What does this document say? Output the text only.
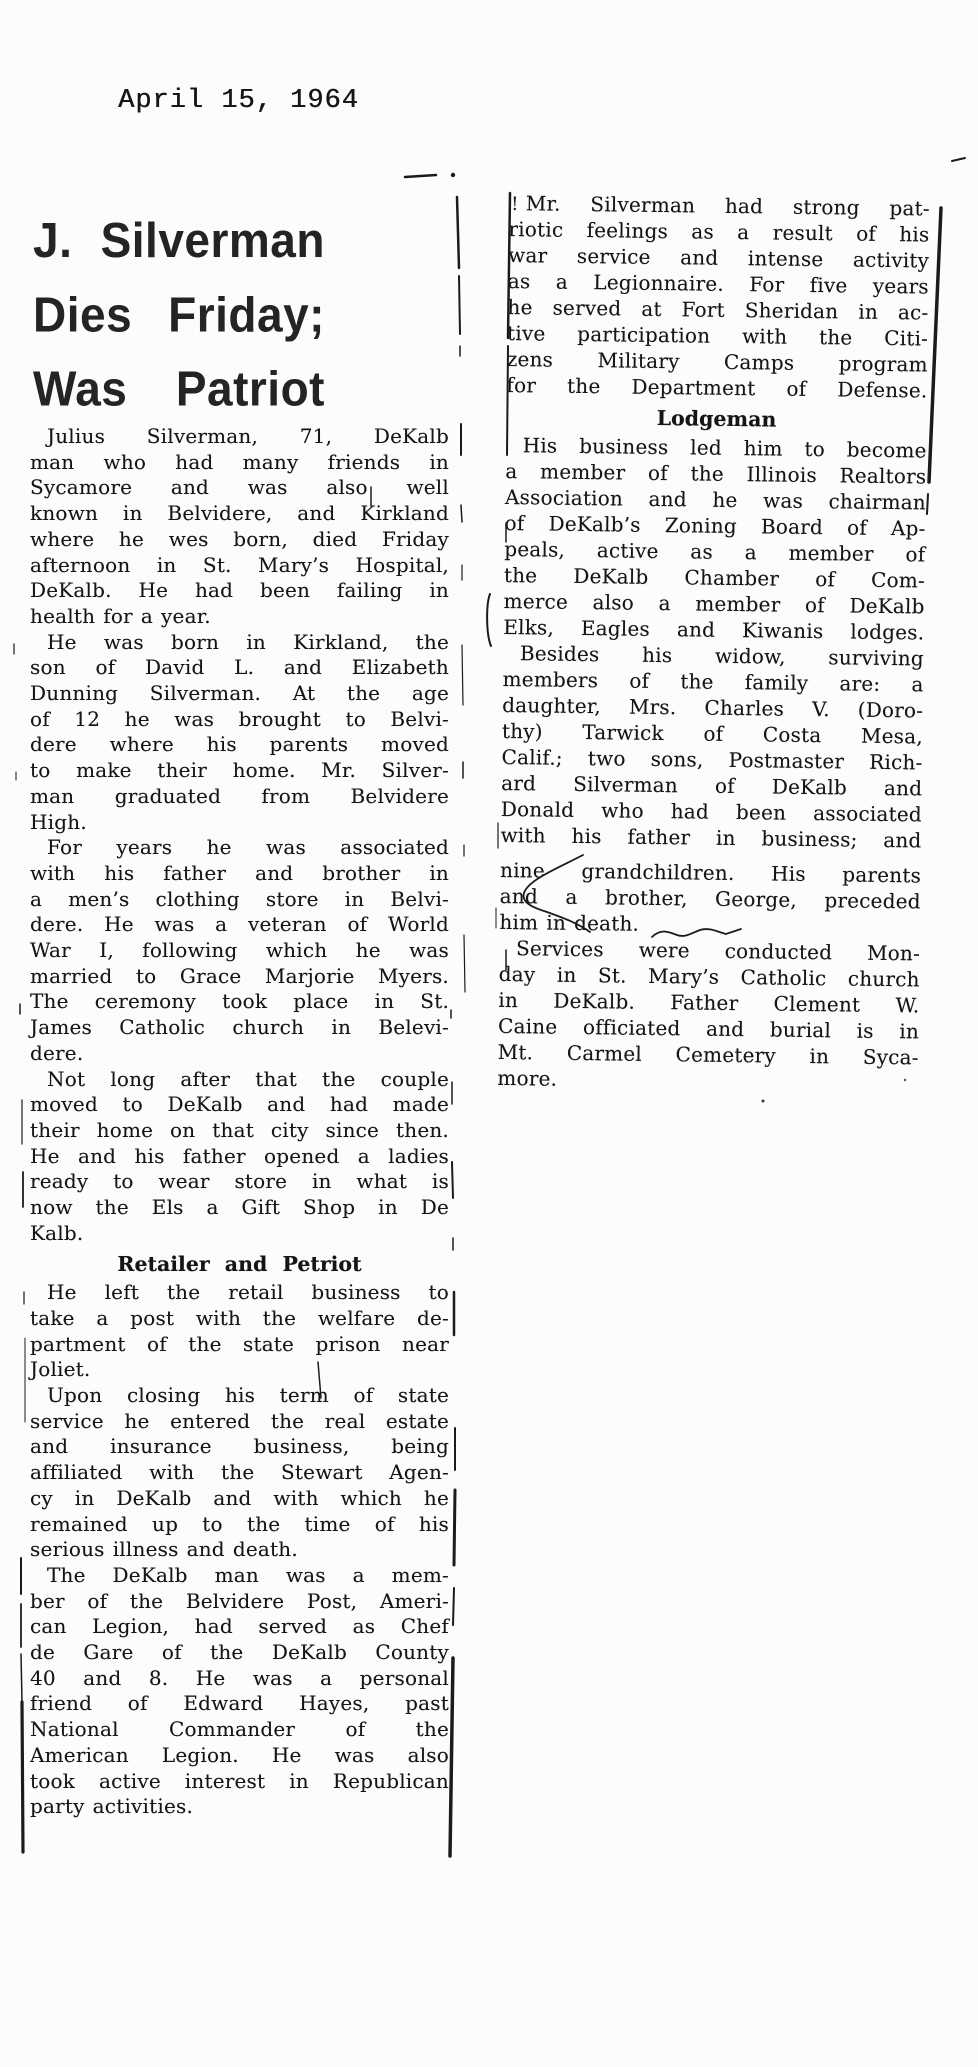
April 15, 1964
J. Silverman
Dies Friday;
Was Patriot
Julius Silverman, 71, DeKalb
man who had many friends in
Sycamore and was also well
known in Belvidere, and Kirkland
where he wes born, died Friday
afternoon in St. Mary’s Hospital,
DeKalb. He had been failing in
health for a year.
He was born in Kirkland, the
son of David L. and Elizabeth
Dunning Silverman. At the age
of 12 he was brought to Belvi-
dere where his parents moved
to make their home. Mr. Silver-
man graduated from Belvidere
High.
For years he was associated
with his father and brother in
a men’s clothing store in Belvi-
dere. He was a veteran of World
War I, following which he was
married to Grace Marjorie Myers.
The ceremony took place in St.
James Catholic church in Belevi-
dere.
Not long after that the couple
moved to DeKalb and had made
their home on that city since then.
He and his father opened a ladies
ready to wear store in what is
now the Els a Gift Shop in De
Kalb.
Retailer and Petriot
He left the retail business to
take a post with the welfare de-
partment of the state prison near
Joliet.
Upon closing his term of state
service he entered the real estate
and insurance business, being
affiliated with the Stewart Agen-
cy in DeKalb and with which he
remained up to the time of his
serious illness and death.
The DeKalb man was a mem-
ber of the Belvidere Post, Ameri-
can Legion, had served as Chef
de Gare of the DeKalb County
40 and 8. He was a personal
friend of Edward Hayes, past
National Commander of the
American Legion. He was also
took active interest in Republican
party activities.
Mr. Silverman had strong pat-
riotic feelings as a result of his
war service and intense activity
as a Legionnaire. For five years
he served at Fort Sheridan in ac-
tive participation with the Citi-
zens Military Camps program
for the Department of Defense.
Lodgeman
His business led him to become
a member of the Illinois Realtors
Association and he was chairman
of DeKalb’s Zoning Board of Ap-
peals, active as a member of
the DeKalb Chamber of Com-
merce also a member of DeKalb
Elks, Eagles and Kiwanis lodges.
Besides his widow, surviving
members of the family are: a
daughter, Mrs. Charles V. (Doro-
thy) Tarwick of Costa Mesa,
Calif.; two sons, Postmaster Rich-
ard Silverman of DeKalb and
Donald who had been associated
with his father in business; and
nine grandchildren. His parents
and a brother, George, preceded
him in death.
Services were conducted Mon-
day in St. Mary’s Catholic church
in DeKalb. Father Clement W.
Caine officiated and burial is in
Mt. Carmel Cemetery in Syca-
more.
!
